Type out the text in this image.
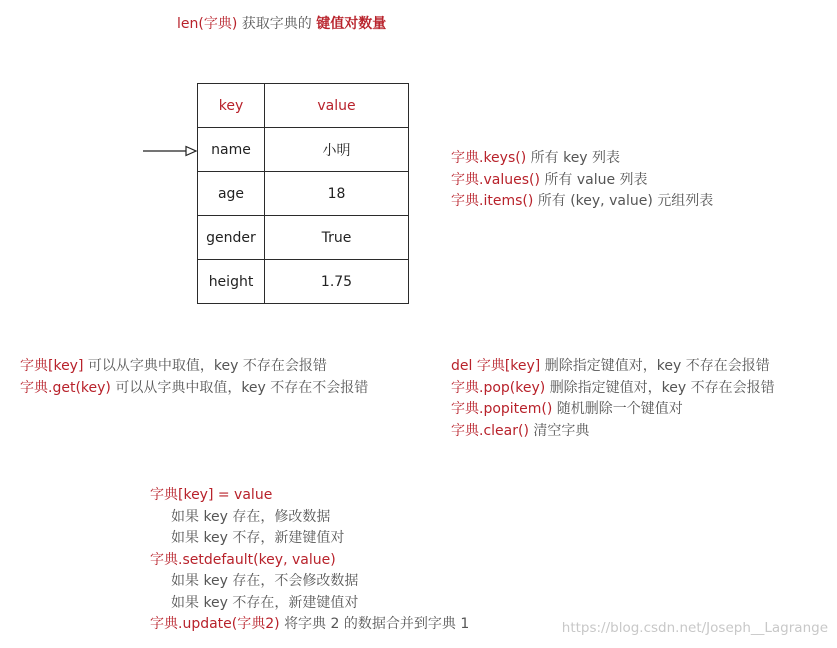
len(字典) 获取字典的 键值对数量
key	value
name	小明
age	18
gender	True
height	1.75
字典.keys() 所有 key 列表
字典.values() 所有 value 列表
字典.items() 所有 (key, value) 元组列表
字典[key] 可以从字典中取值，key 不存在会报错
字典.get(key) 可以从字典中取值，key 不存在不会报错
del 字典[key] 删除指定键值对，key 不存在会报错
字典.pop(key) 删除指定键值对，key 不存在会报错
字典.popitem() 随机删除一个键值对
字典.clear() 清空字典
字典[key] = value
如果 key 存在，修改数据
如果 key 不存，新建键值对
字典.setdefault(key, value)
如果 key 存在，不会修改数据
如果 key 不存在，新建键值对
字典.update(字典2) 将字典 2 的数据合并到字典 1	https://blog.csdn.net/Joseph__Lagrange
